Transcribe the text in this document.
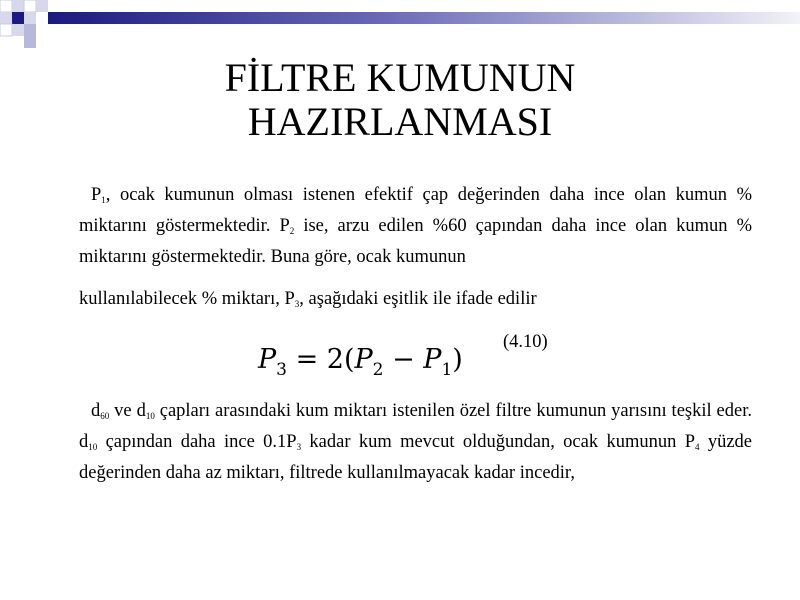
FİLTRE KUMUNUN
HAZIRLANMASI

$P_1$, ocak kumunun olması istenen efektif çap değerinden daha ince olan kumun % miktarını göstermektedir. $P_2$ ise, arzu edilen %60 çapından daha ince olan kumun % miktarını göstermektedir. Buna göre, ocak kumunun
kullanılabilecek % miktarı, $P_3$, aşağıdaki eşitlik ile ifade edilir

$P_3 = 2(P_2 - P_1)$
(4.10)

$d_{60}$ ve $d_{10}$ çapları arasındaki kum miktarı istenilen özel filtre kumunun yarısını teşkil eder. $d_{10}$ çapından daha ince $0.1P_3$ kadar kum mevcut olduğundan, ocak kumunun $P_4$ yüzde değerinden daha az miktarı, filtrede kullanılmayacak kadar incedir,
